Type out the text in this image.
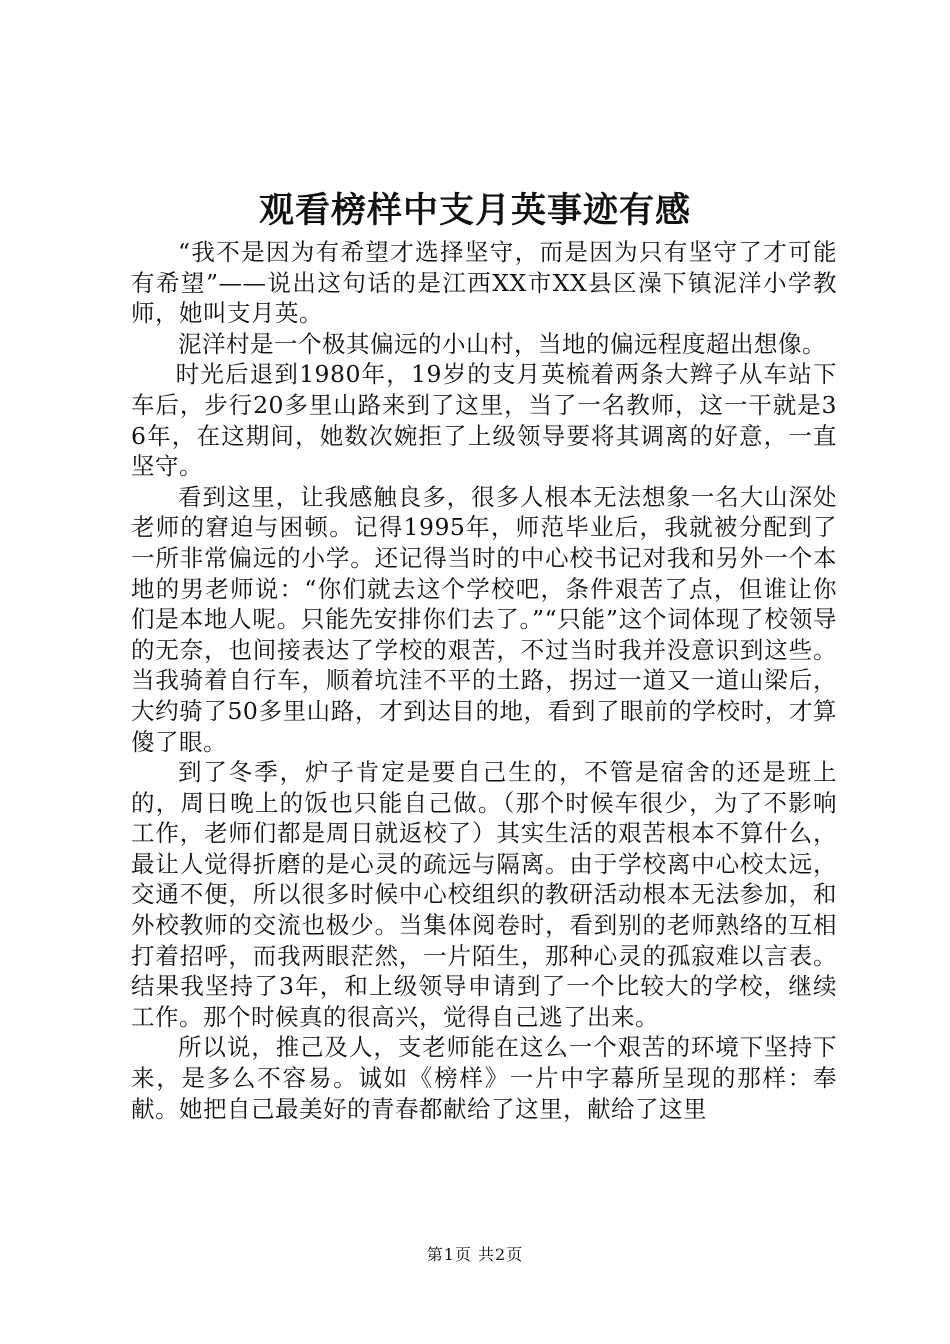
观看榜样中支月英事迹有感

“我不是因为有希望才选择坚守，而是因为只有坚守了才可能有希望”——说出这句话的是江西XX市XX县区澡下镇泥洋小学教师，她叫支月英。

泥洋村是一个极其偏远的小山村，当地的偏远程度超出想像。

时光后退到1980年，19岁的支月英梳着两条大辫子从车站下车后，步行20多里山路来到了这里，当了一名教师，这一干就是36年，在这期间，她数次婉拒了上级领导要将其调离的好意，一直坚守。

看到这里，让我感触良多，很多人根本无法想象一名大山深处老师的窘迫与困顿。记得1995年，师范毕业后，我就被分配到了一所非常偏远的小学。还记得当时的中心校书记对我和另外一个本地的男老师说：“你们就去这个学校吧，条件艰苦了点，但谁让你们是本地人呢。只能先安排你们去了。”“只能”这个词体现了校领导的无奈，也间接表达了学校的艰苦，不过当时我并没意识到这些。当我骑着自行车，顺着坑洼不平的土路，拐过一道又一道山梁后，大约骑了50多里山路，才到达目的地，看到了眼前的学校时，才算傻了眼。

到了冬季，炉子肯定是要自己生的，不管是宿舍的还是班上的，周日晚上的饭也只能自己做。（那个时候车很少，为了不影响工作，老师们都是周日就返校了）其实生活的艰苦根本不算什么，最让人觉得折磨的是心灵的疏远与隔离。由于学校离中心校太远，交通不便，所以很多时候中心校组织的教研活动根本无法参加，和外校教师的交流也极少。当集体阅卷时，看到别的老师熟络的互相打着招呼，而我两眼茫然，一片陌生，那种心灵的孤寂难以言表。结果我坚持了3年，和上级领导申请到了一个比较大的学校，继续工作。那个时候真的很高兴，觉得自己逃了出来。

所以说，推己及人，支老师能在这么一个艰苦的环境下坚持下来，是多么不容易。诚如《榜样》一片中字幕所呈现的那样：奉献。她把自己最美好的青春都献给了这里，献给了这里

第1页 共2页
